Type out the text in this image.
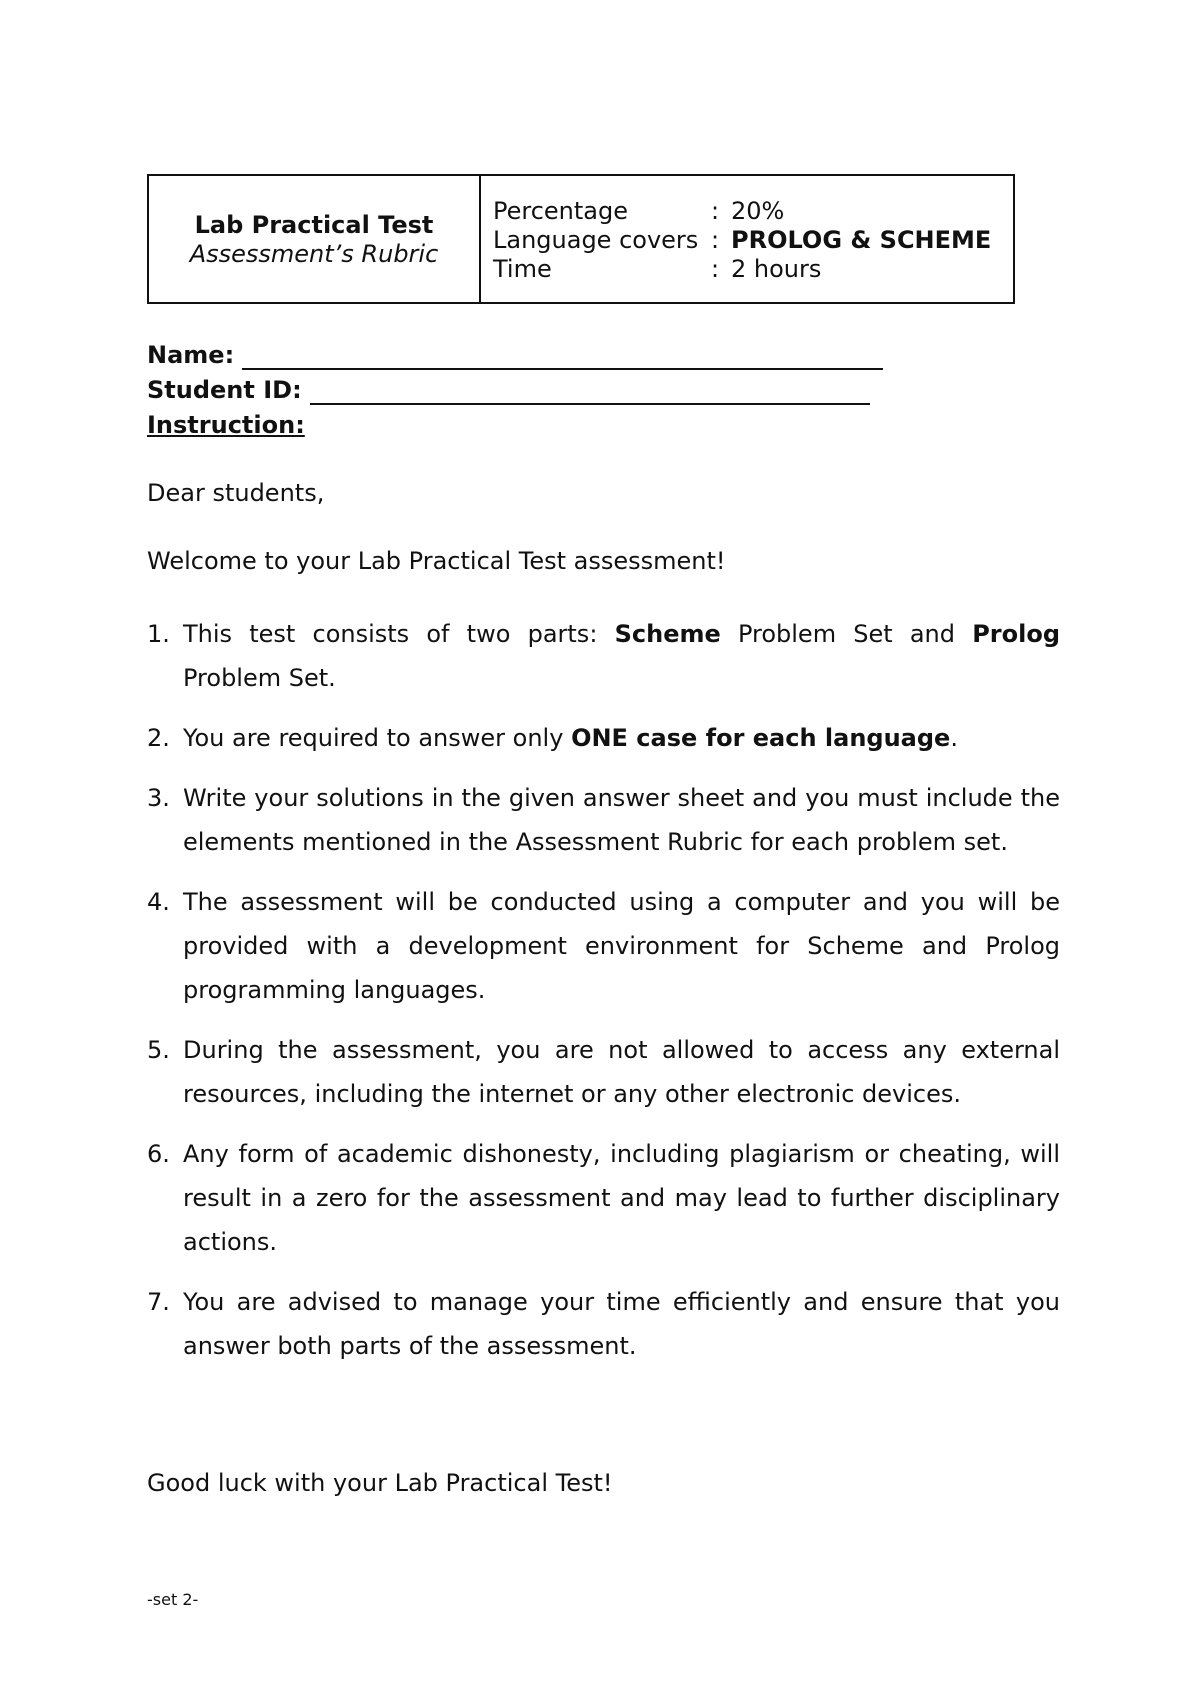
Lab Practical Test
Assessment’s Rubric
Percentage	: 20%
Language covers : PROLOG & SCHEME
Time	: 2 hours
Name:
Student ID:
Instruction:
Dear students,
Welcome to your Lab Practical Test assessment!
1. This test consists of two parts: Scheme Problem Set and Prolog Problem Set.
2. You are required to answer only ONE case for each language.
3. Write your solutions in the given answer sheet and you must include the elements mentioned in the Assessment Rubric for each problem set.
4. The assessment will be conducted using a computer and you will be provided with a development environment for Scheme and Prolog programming languages.
5. During the assessment, you are not allowed to access any external resources, including the internet or any other electronic devices.
6. Any form of academic dishonesty, including plagiarism or cheating, will result in a zero for the assessment and may lead to further disciplinary actions.
7. You are advised to manage your time efficiently and ensure that you answer both parts of the assessment.
Good luck with your Lab Practical Test!
-set 2-
